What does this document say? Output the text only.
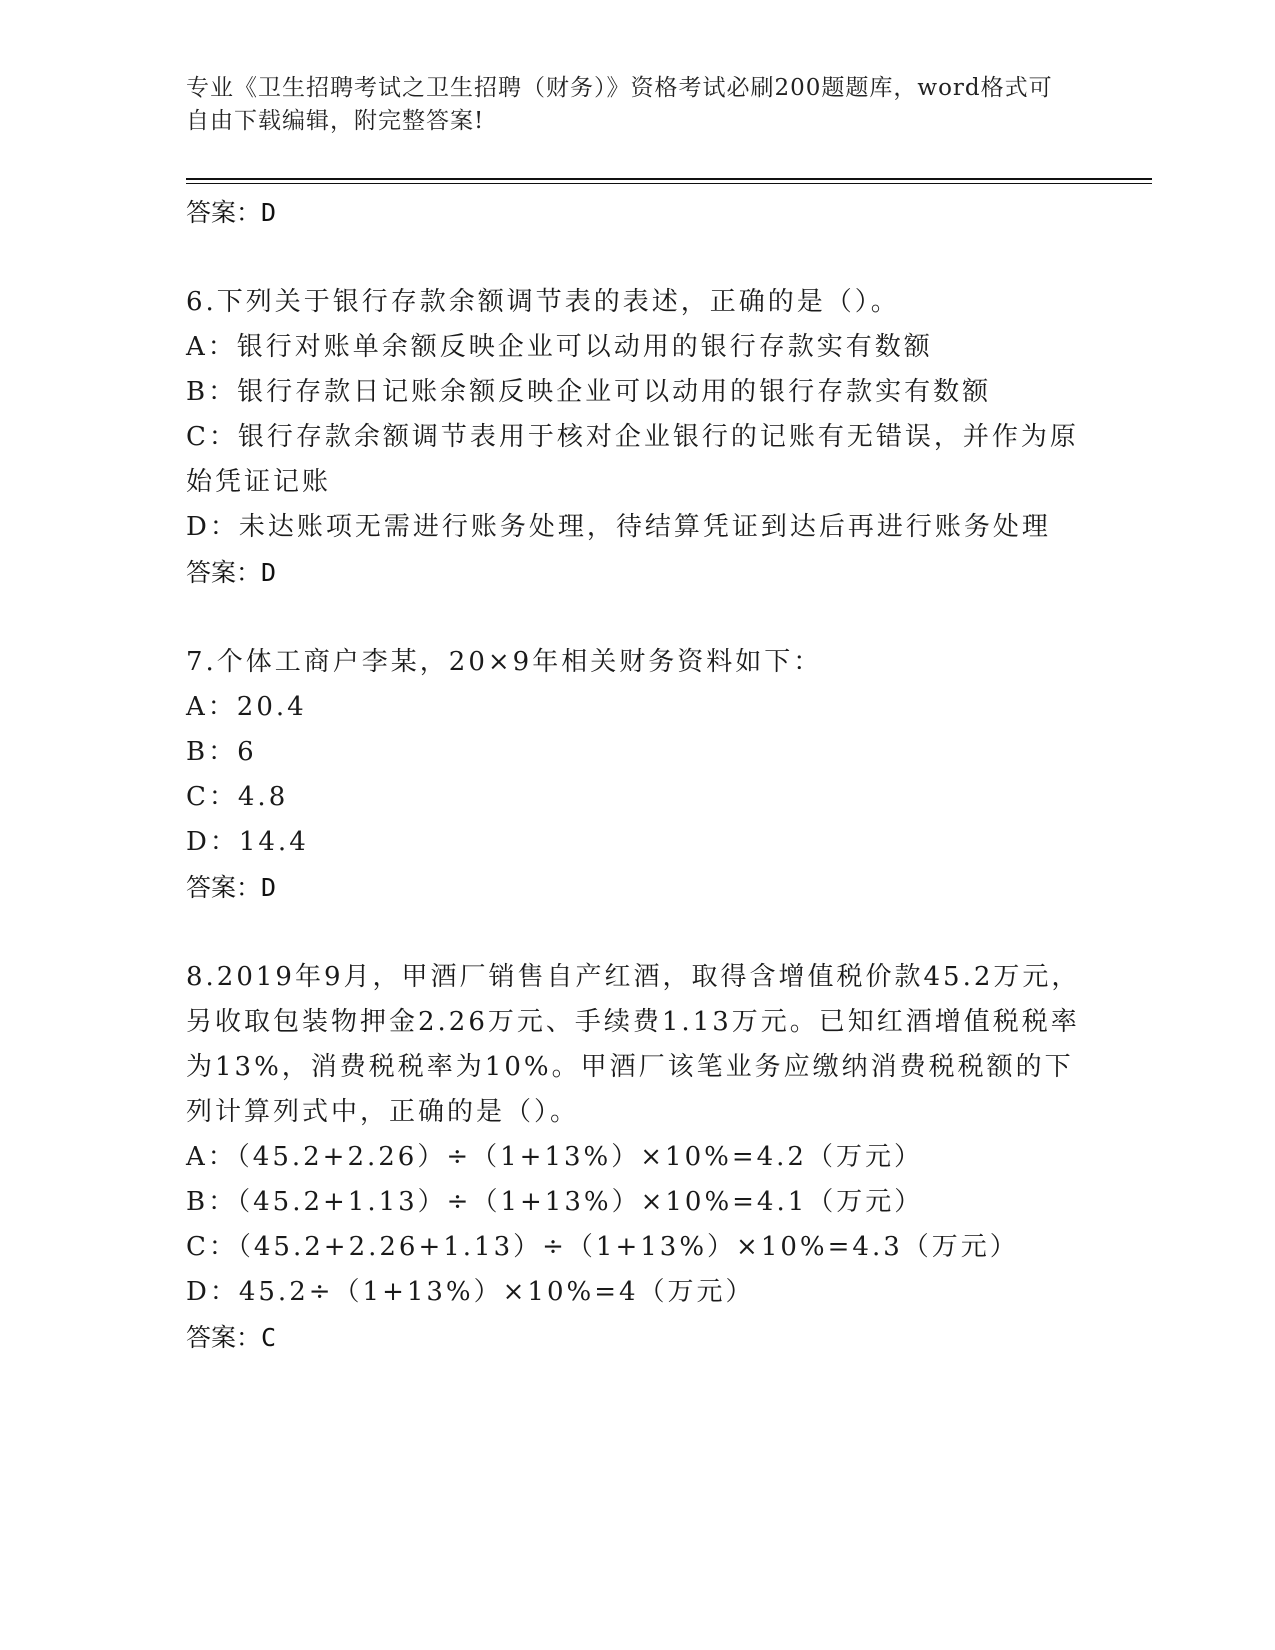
专业《卫生招聘考试之卫生招聘（财务）》资格考试必刷200题题库，word格式可自由下载编辑，附完整答案!
答案：D
6.下列关于银行存款余额调节表的表述，正确的是（）。
A：银行对账单余额反映企业可以动用的银行存款实有数额
B：银行存款日记账余额反映企业可以动用的银行存款实有数额
C：银行存款余额调节表用于核对企业银行的记账有无错误，并作为原始凭证记账
D：未达账项无需进行账务处理，待结算凭证到达后再进行账务处理
答案：D
7.个体工商户李某，20×9年相关财务资料如下：
A：20.4
B：6
C：4.8
D：14.4
答案：D
8.2019年9月，甲酒厂销售自产红酒，取得含增值税价款45.2万元，另收取包装物押金2.26万元、手续费1.13万元。已知红酒增值税税率为13%，消费税税率为10%。甲酒厂该笔业务应缴纳消费税税额的下列计算列式中，正确的是（）。
A：（45.2+2.26）÷（1+13%）×10%=4.2（万元）
B：（45.2+1.13）÷（1+13%）×10%=4.1（万元）
C：（45.2+2.26+1.13）÷（1+13%）×10%=4.3（万元）
D：45.2÷（1+13%）×10%=4（万元）
答案：C
